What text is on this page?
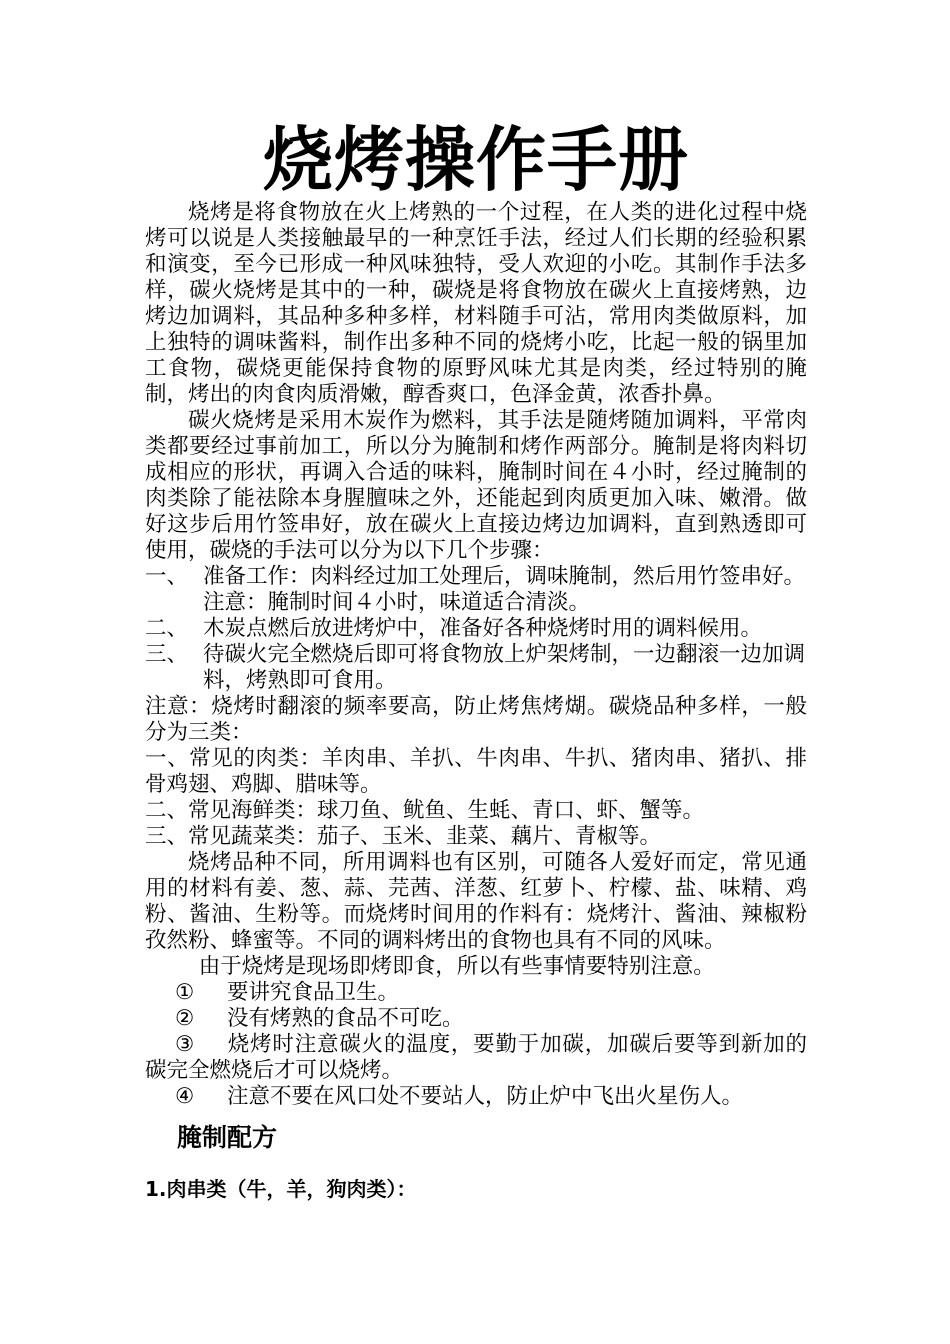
烧烤操作手册

烧烤是将食物放在火上烤熟的一个过程，在人类的进化过程中烧烤可以说是人类接触最早的一种烹饪手法，经过人们长期的经验积累和演变，至今已形成一种风味独特，受人欢迎的小吃。其制作手法多样，碳火烧烤是其中的一种，碳烧是将食物放在碳火上直接烤熟，边烤边加调料，其品种多种多样，材料随手可沾，常用肉类做原料，加上独特的调味酱料，制作出多种不同的烧烤小吃，比起一般的锅里加工食物，碳烧更能保持食物的原野风味尤其是肉类，经过特别的腌制，烤出的肉食肉质滑嫩，醇香爽口，色泽金黄，浓香扑鼻。

碳火烧烤是采用木炭作为燃料，其手法是随烤随加调料，平常肉类都要经过事前加工，所以分为腌制和烤作两部分。腌制是将肉料切成相应的形状，再调入合适的味料，腌制时间在４小时，经过腌制的肉类除了能祛除本身腥膻味之外，还能起到肉质更加入味、嫩滑。做好这步后用竹签串好，放在碳火上直接边烤边加调料，直到熟透即可使用，碳烧的手法可以分为以下几个步骤：

一、 准备工作：肉料经过加工处理后，调味腌制，然后用竹签串好。注意：腌制时间４小时，味道适合清淡。
二、 木炭点燃后放进烤炉中，准备好各种烧烤时用的调料候用。
三、 待碳火完全燃烧后即可将食物放上炉架烤制，一边翻滚一边加调料，烤熟即可食用。

注意：烧烤时翻滚的频率要高，防止烤焦烤煳。碳烧品种多样，一般分为三类：

一、常见的肉类：羊肉串、羊扒、牛肉串、牛扒、猪肉串、猪扒、排骨鸡翅、鸡脚、腊味等。

二、常见海鲜类：球刀鱼、鱿鱼、生蚝、青口、虾、蟹等。

三、常见蔬菜类：茄子、玉米、韭菜、藕片、青椒等。

烧烤品种不同，所用调料也有区别，可随各人爱好而定，常见通用的材料有姜、葱、蒜、芫茜、洋葱、红萝卜、柠檬、盐、味精、鸡粉、酱油、生粉等。而烧烤时间用的作料有：烧烤汁、酱油、辣椒粉孜然粉、蜂蜜等。不同的调料烤出的食物也具有不同的风味。

由于烧烤是现场即烤即食，所以有些事情要特别注意。

① 要讲究食品卫生。

② 没有烤熟的食品不可吃。

③ 烧烤时注意碳火的温度，要勤于加碳，加碳后要等到新加的碳完全燃烧后才可以烧烤。

④ 注意不要在风口处不要站人，防止炉中飞出火星伤人。

腌制配方
1.肉串类（牛，羊，狗肉类）：
